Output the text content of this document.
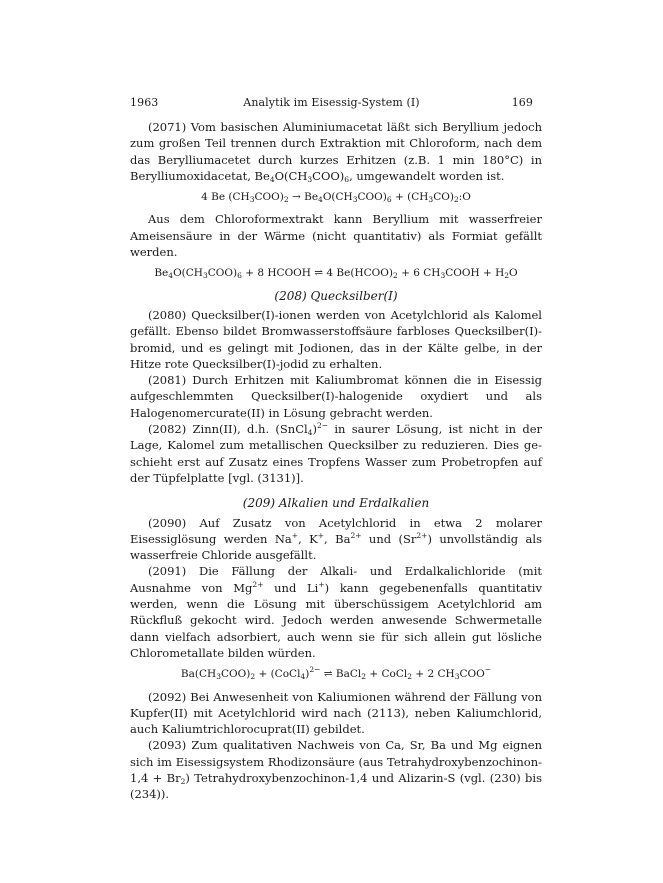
1963	Analytik im Eisessig-System (I)	169

(2071) Vom basischen Aluminiumacetat läßt sich Beryllium jedoch zum großen Teil trennen durch Extraktion mit Chloroform, nach dem das Berylliumacetet durch kurzes Erhitzen (z.B. 1 min 180°C) in Berylliumoxidacetat, $Be_4O(CH_3COO)_6$, umgewandelt worden ist.

4 Be $(CH_3COO)_2 \to Be_4O(CH_3COO)_6$ + $(CH_3CO)_2:O$

Aus dem Chloroformextrakt kann Beryllium mit wasserfreier Ameisensäure in der Wärme (nicht quantitativ) als Formiat gefällt werden.

$Be_4O(CH_3COO)_6 + 8$ HCOOH ⇌ 4 $Be(HCOO)_2 + 6$ $CH_3COOH + H_2O$
(208) Quecksilber(I)

(2080) Quecksilber(I)-ionen werden von Acetylchlorid als Kalomel gefällt. Ebenso bildet Bromwasserstoffsäure farbloses Quecksilber(I)-bromid, und es gelingt mit Jodionen, das in der Kälte gelbe, in der Hitze rote Quecksilber(I)-jodid zu erhalten.

(2081) Durch Erhitzen mit Kaliumbromat können die in Eisessig aufgeschlemmten Quecksilber(I)-halogenide oxydiert und als Halogenomercurate(II) in Lösung gebracht werden.

(2082) Zinn(II), d.h. (SnCl$_4$)$^{2-}$ in saurer Lösung, ist nicht in der Lage, Kalomel zum metallischen Quecksilber zu reduzieren. Dies geschieht erst auf Zusatz eines Tropfens Wasser zum Probetropfen auf der Tüpfelplatte [vgl. (3131)].

(209) Alkalien und Erdalkalien

(2090) Auf Zusatz von Acetylchlorid in etwa 2 molarer Eisessiglösung werden Na+, K+, $Ba^{2+}$ und $(Sr^{2+})$ unvollständig als wasserfreie Chloride ausgefällt.

(2091) Die Fällung der Alkali- und Erdalkalichloride (mit Ausnahme von $Mg^{2+}$ und Li+) kann gegebenenfalls quantitativ werden, wenn die Lösung mit überschüssigem Acetylchlorid am Rückfluß gekocht wird. Jedoch werden anwesende Schwermetalle dann vielfach adsorbiert, auch wenn sie für sich allein gut lösliche Chlorometallate bilden würden.

$Ba(CH_3COO)_2$ + (CoCl$_4$)$^{2-}$ ⇌ BaCl$_2$ + CoCl$_2$ + 2 $CH_3COO^-$

(2092) Bei Anwesenheit von Kaliumionen während der Fällung von Kupfer(II) mit Acetylchlorid wird nach (2113), neben Kaliumchlorid, auch Kaliumtrichlorocuprat(II) gebildet.

(2093) Zum qualitativen Nachweis von Ca, Sr, Ba und Mg eignen sich im Eisessigsystem Rhodizonsäure (aus Tetrahydroxybenzochinon-1,4 + $Br_2$) Tetrahydroxybenzochinon-1,4 und Alizarin-S (vgl. (230) bis (234)).
